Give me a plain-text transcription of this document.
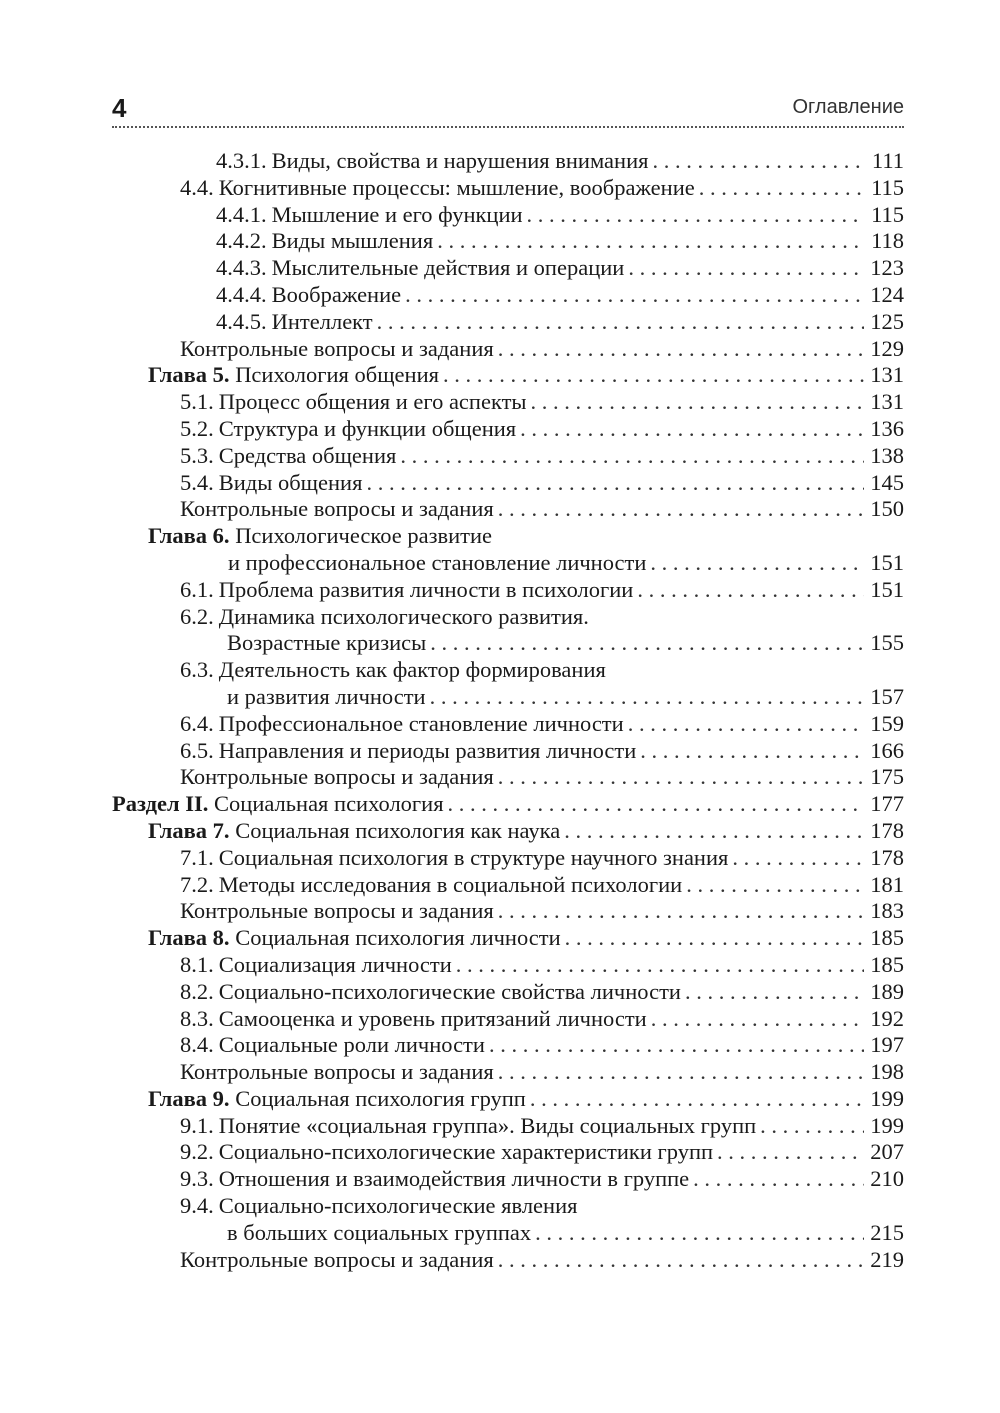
4	Оглавление
4.3.1. Виды, свойства и нарушения внимания . . .	111
4.4. Когнитивные процессы: мышление, воображение . . .	115
4.4.1. Мышление и его функции . . .	115
4.4.2. Виды мышления . . .	118
4.4.3. Мыслительные действия и операции . . .	123
4.4.4. Воображение . . .	124
4.4.5. Интеллект . . .	125
Контрольные вопросы и задания . . .	129
Глава 5. Психология общения . . .	131
5.1. Процесс общения и его аспекты . . .	131
5.2. Структура и функции общения . . .	136
5.3. Средства общения . . .	138
5.4. Виды общения . . .	145
Контрольные вопросы и задания . . .	150
Глава 6. Психологическое развитие
и профессиональное становление личности . . .	151
6.1. Проблема развития личности в психологии . . .	151
6.2. Динамика психологического развития.
Возрастные кризисы . . .	155
6.3. Деятельность как фактор формирования
и развития личности . . .	157
6.4. Профессиональное становление личности . . .	159
6.5. Направления и периоды развития личности . . .	166
Контрольные вопросы и задания . . .	175
Раздел II. Социальная психология . . .	177
Глава 7. Социальная психология как наука . . .	178
7.1. Социальная психология в структуре научного знания . . .	178
7.2. Методы исследования в социальной психологии . . .	181
Контрольные вопросы и задания . . .	183
Глава 8. Социальная психология личности . . .	185
8.1. Социализация личности . . .	185
8.2. Социально-психологические свойства личности . . .	189
8.3. Самооценка и уровень притязаний личности . . .	192
8.4. Социальные роли личности . . .	197
Контрольные вопросы и задания . . .	198
Глава 9. Социальная психология групп . . .	199
9.1. Понятие «социальная группа». Виды социальных групп . . .	199
9.2. Социально-психологические характеристики групп . . .	207
9.3. Отношения и взаимодействия личности в группе . . .	210
9.4. Социально-психологические явления
в больших социальных группах . . .	215
Контрольные вопросы и задания . . .	219
